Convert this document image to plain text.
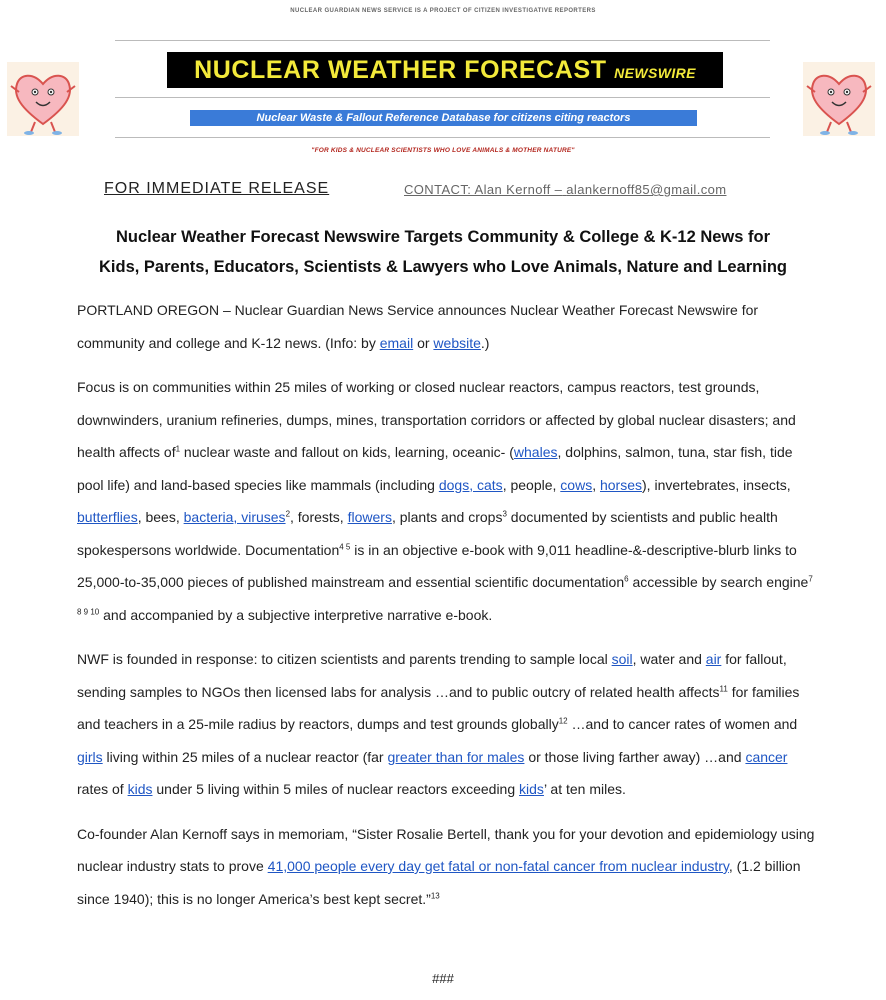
NUCLEAR GUARDIAN NEWS SERVICE IS A PROJECT OF CITIZEN INVESTIGATIVE REPORTERS
NUCLEAR WEATHER FORECAST NEWSWIRE
Nuclear Waste & Fallout Reference Database for citizens citing reactors
"FOR KIDS & NUCLEAR SCIENTISTS WHO LOVE ANIMALS & MOTHER NATURE"
FOR IMMEDIATE RELEASE	CONTACT: Alan Kernoff – alankernoff85@gmail.com
Nuclear Weather Forecast Newswire Targets Community & College & K-12 News for
Kids, Parents, Educators, Scientists & Lawyers who Love Animals, Nature and Learning

PORTLAND OREGON – Nuclear Guardian News Service announces Nuclear Weather Forecast Newswire for community and college and K-12 news. (Info: by email or website.)

Focus is on communities within 25 miles of working or closed nuclear reactors, campus reactors, test grounds, downwinders, uranium refineries, dumps, mines, transportation corridors or affected by global nuclear disasters; and health affects $of^1$ nuclear waste and fallout on kids, learning, oceanic- (whales, dolphins, salmon, tuna, star fish, tide pool life) and land-based species like mammals (including dogs, cats, people, cows, horses), invertebrates, insects, butterflies, bees, bacteria, viruses$^2$, forests, flowers, plants and crops$^3$ documented by scientists and public health spokespersons worldwide. Documentation$^{4 5}$ is in an objective e-book with 9,011 headline-&-descriptive-blurb links to 25,000-to-35,000 pieces of published mainstream and essential scientific documentation$^6$ accessible by search engine$^{7 8 9 10}$ and accompanied by a subjective interpretive narrative e-book.

NWF is founded in response: to citizen scientists and parents trending to sample local soil, water and air for fallout, sending samples to NGOs then licensed labs for analysis …and to public outcry of related health affects$^{11}$ for families and teachers in a 25-mile radius by reactors, dumps and test grounds globally$^{12}$ …and to cancer rates of women and girls living within 25 miles of a nuclear reactor (far greater than for males or those living farther away) …and cancer rates of kids under 5 living within 5 miles of nuclear reactors exceeding kids’ at ten miles.

Co-founder Alan Kernoff says in memoriam, “Sister Rosalie Bertell, thank you for your devotion and epidemiology using nuclear industry stats to prove 41,000 people every day get fatal or non-fatal cancer from nuclear industry, (1.2 billion since 1940); this is no longer America’s best kept secret.”$^{13}$

###
